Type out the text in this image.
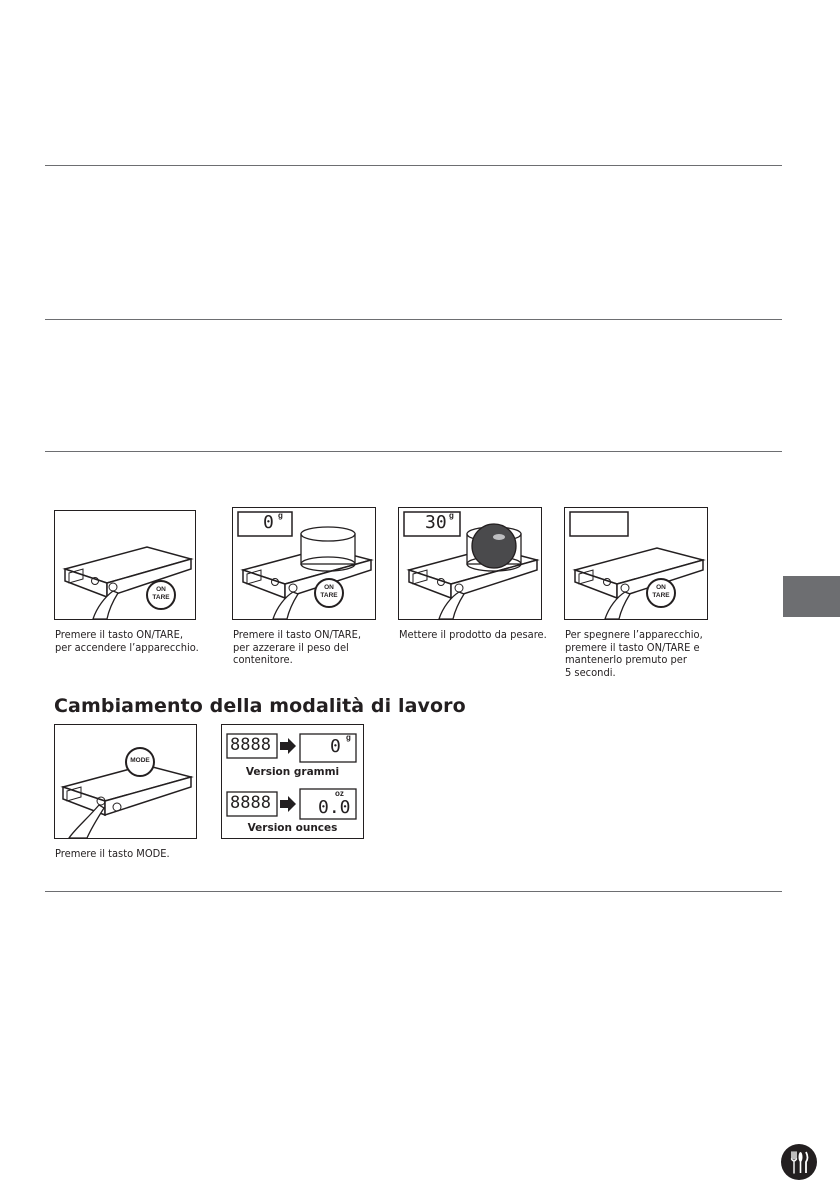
ON
TARE
Premere il tasto ON/TARE,
per accendere l’apparecchio.
0 g
ON
TARE
Premere il tasto ON/TARE,
per azzerare il peso del
contenitore.
30 g
Mettere il prodotto da pesare.
ON
TARE
Per spegnere l’apparecchio,
premere il tasto ON/TARE e
mantenerlo premuto per
5 secondi.
Cambiamento della modalità di lavoro
MODE
Premere il tasto MODE.
8888	0 g
Version grammi
8888	0.0
oz
Version ounces
